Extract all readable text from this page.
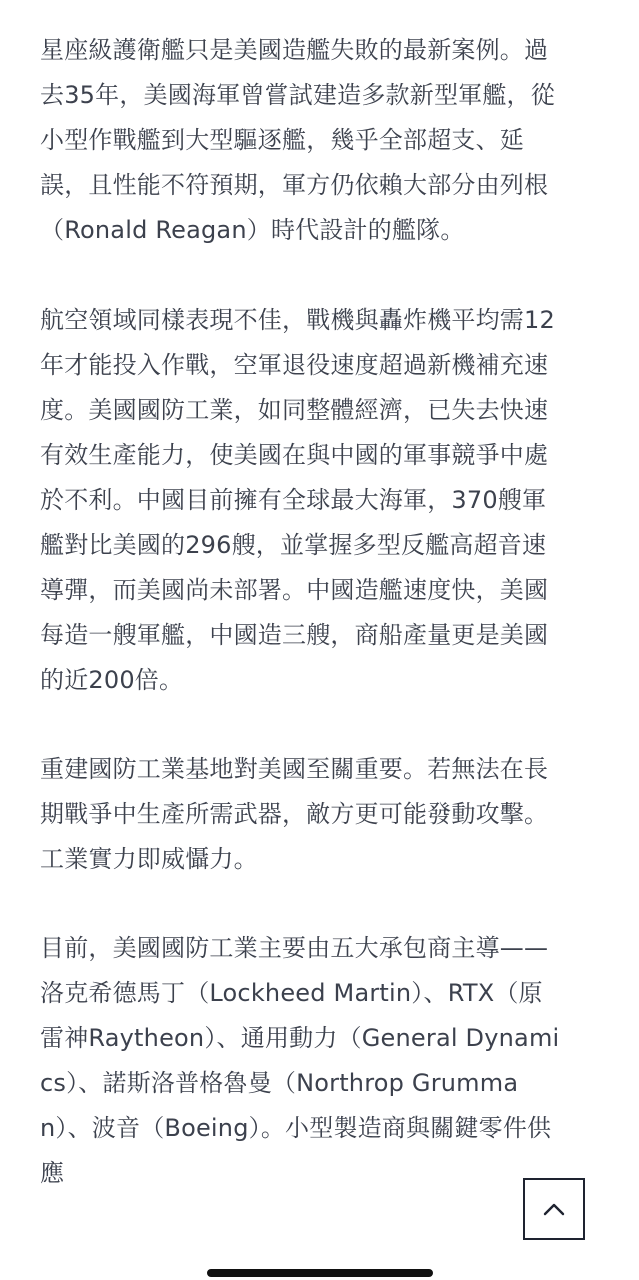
星座級護衛艦只是美國造艦失敗的最新案例。過去35年，美國海軍曾嘗試建造多款新型軍艦，從小型作戰艦到大型驅逐艦，幾乎全部超支、延誤，且性能不符預期，軍方仍依賴大部分由列根（Ronald Reagan）時代設計的艦隊。

航空領域同樣表現不佳，戰機與轟炸機平均需12年才能投入作戰，空軍退役速度超過新機補充速度。美國國防工業，如同整體經濟，已失去快速有效生產能力，使美國在與中國的軍事競爭中處於不利。中國目前擁有全球最大海軍，370艘軍艦對比美國的296艘，並掌握多型反艦高超音速導彈，而美國尚未部署。中國造艦速度快，美國每造一艘軍艦，中國造三艘，商船產量更是美國的近200倍。

重建國防工業基地對美國至關重要。若無法在長期戰爭中生產所需武器，敵方更可能發動攻擊。工業實力即威懾力。

目前，美國國防工業主要由五大承包商主導——洛克希德馬丁（Lockheed Martin）、RTX（原雷神Raytheon）、通用動力（General Dynamics）、諾斯洛普格魯曼（Northrop Grumman）、波音（Boeing）。小型製造商與關鍵零件供應
